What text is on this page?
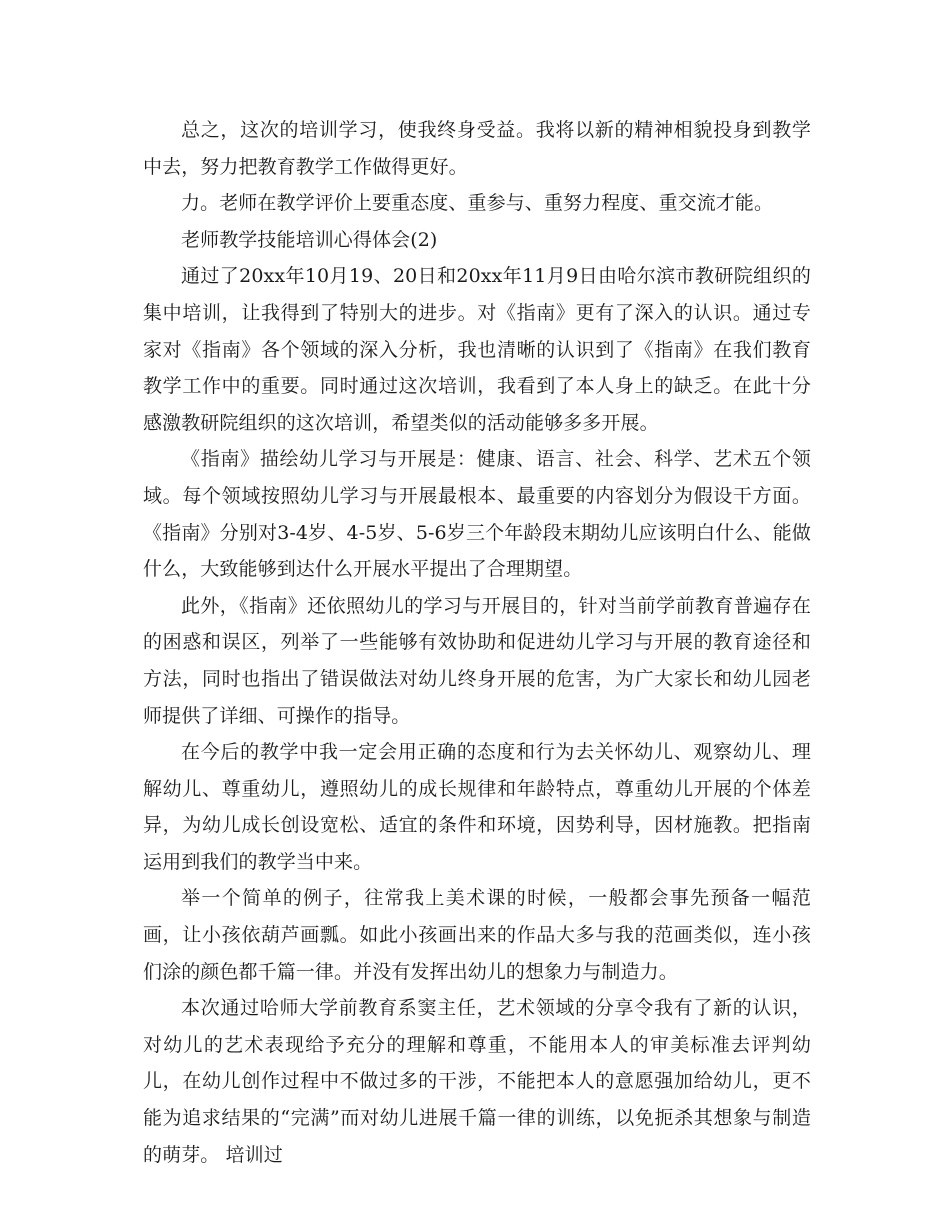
总之，这次的培训学习，使我终身受益。我将以新的精神相貌投身到教学中去，努力把教育教学工作做得更好。

力。老师在教学评价上要重态度、重参与、重努力程度、重交流才能。

老师教学技能培训心得体会(2)

通过了20xx年10月19、20日和20xx年11月9日由哈尔滨市教研院组织的集中培训，让我得到了特别大的进步。对《指南》更有了深入的认识。通过专家对《指南》各个领域的深入分析，我也清晰的认识到了《指南》在我们教育教学工作中的重要。同时通过这次培训，我看到了本人身上的缺乏。在此十分感激教研院组织的这次培训，希望类似的活动能够多多开展。

《指南》描绘幼儿学习与开展是：健康、语言、社会、科学、艺术五个领域。每个领域按照幼儿学习与开展最根本、最重要的内容划分为假设干方面。《指南》分别对3-4岁、4-5岁、5-6岁三个年龄段末期幼儿应该明白什么、能做什么，大致能够到达什么开展水平提出了合理期望。

此外，《指南》还依照幼儿的学习与开展目的，针对当前学前教育普遍存在的困惑和误区，列举了一些能够有效协助和促进幼儿学习与开展的教育途径和方法，同时也指出了错误做法对幼儿终身开展的危害，为广大家长和幼儿园老师提供了详细、可操作的指导。

在今后的教学中我一定会用正确的态度和行为去关怀幼儿、观察幼儿、理解幼儿、尊重幼儿，遵照幼儿的成长规律和年龄特点，尊重幼儿开展的个体差异，为幼儿成长创设宽松、适宜的条件和环境，因势利导，因材施教。把指南运用到我们的教学当中来。

举一个简单的例子，往常我上美术课的时候，一般都会事先预备一幅范画，让小孩依葫芦画瓢。如此小孩画出来的作品大多与我的范画类似，连小孩们涂的颜色都千篇一律。并没有发挥出幼儿的想象力与制造力。

本次通过哈师大学前教育系窦主任，艺术领域的分享令我有了新的认识，对幼儿的艺术表现给予充分的理解和尊重，不能用本人的审美标准去评判幼儿，在幼儿创作过程中不做过多的干涉，不能把本人的意愿强加给幼儿，更不能为追求结果的“完满”而对幼儿进展千篇一律的训练，以免扼杀其想象与制造的萌芽。 培训过
